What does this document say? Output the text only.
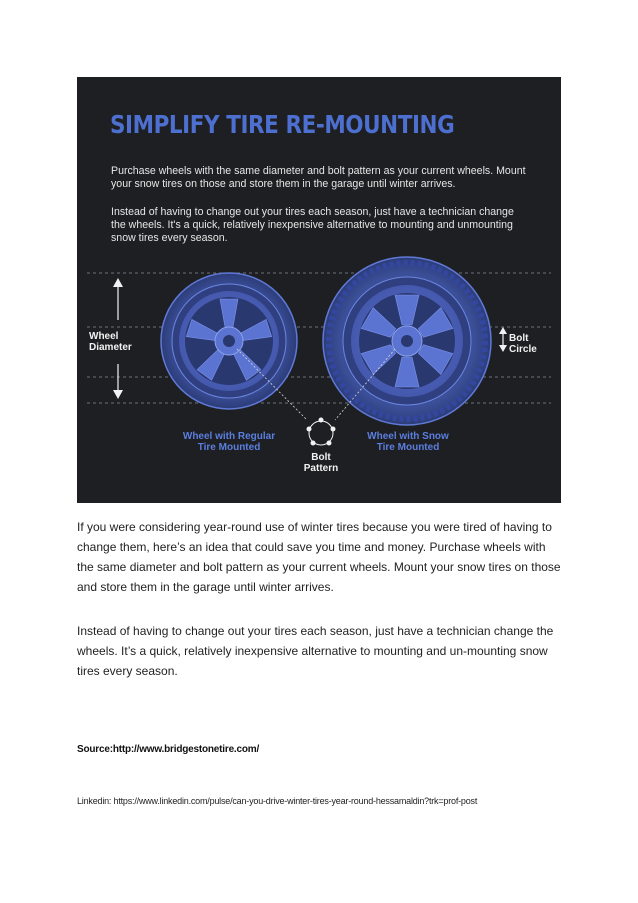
SIMPLIFY TIRE RE-MOUNTING

Purchase wheels with the same diameter and bolt pattern as your current wheels. Mount your snow tires on those and store them in the garage until winter arrives.

Instead of having to change out your tires each season, just have a technician change the wheels. It's a quick, relatively inexpensive alternative to mounting and unmounting snow tires every season.

Wheel
Diameter
Bolt
Circle
Wheel with Regular
Tire Mounted
Wheel with Snow
Tire Mounted
Bolt
Pattern

If you were considering year-round use of winter tires because you were tired of having to change them, here’s an idea that could save you time and money. Purchase wheels with the same diameter and bolt pattern as your current wheels. Mount your snow tires on those and store them in the garage until winter arrives.

Instead of having to change out your tires each season, just have a technician change the wheels. It’s a quick, relatively inexpensive alternative to mounting and un-mounting snow tires every season.

Source:http://www.bridgestonetire.com/

Linkedin: https://www.linkedin.com/pulse/can-you-drive-winter-tires-year-round-hessamaldin?trk=prof-post
